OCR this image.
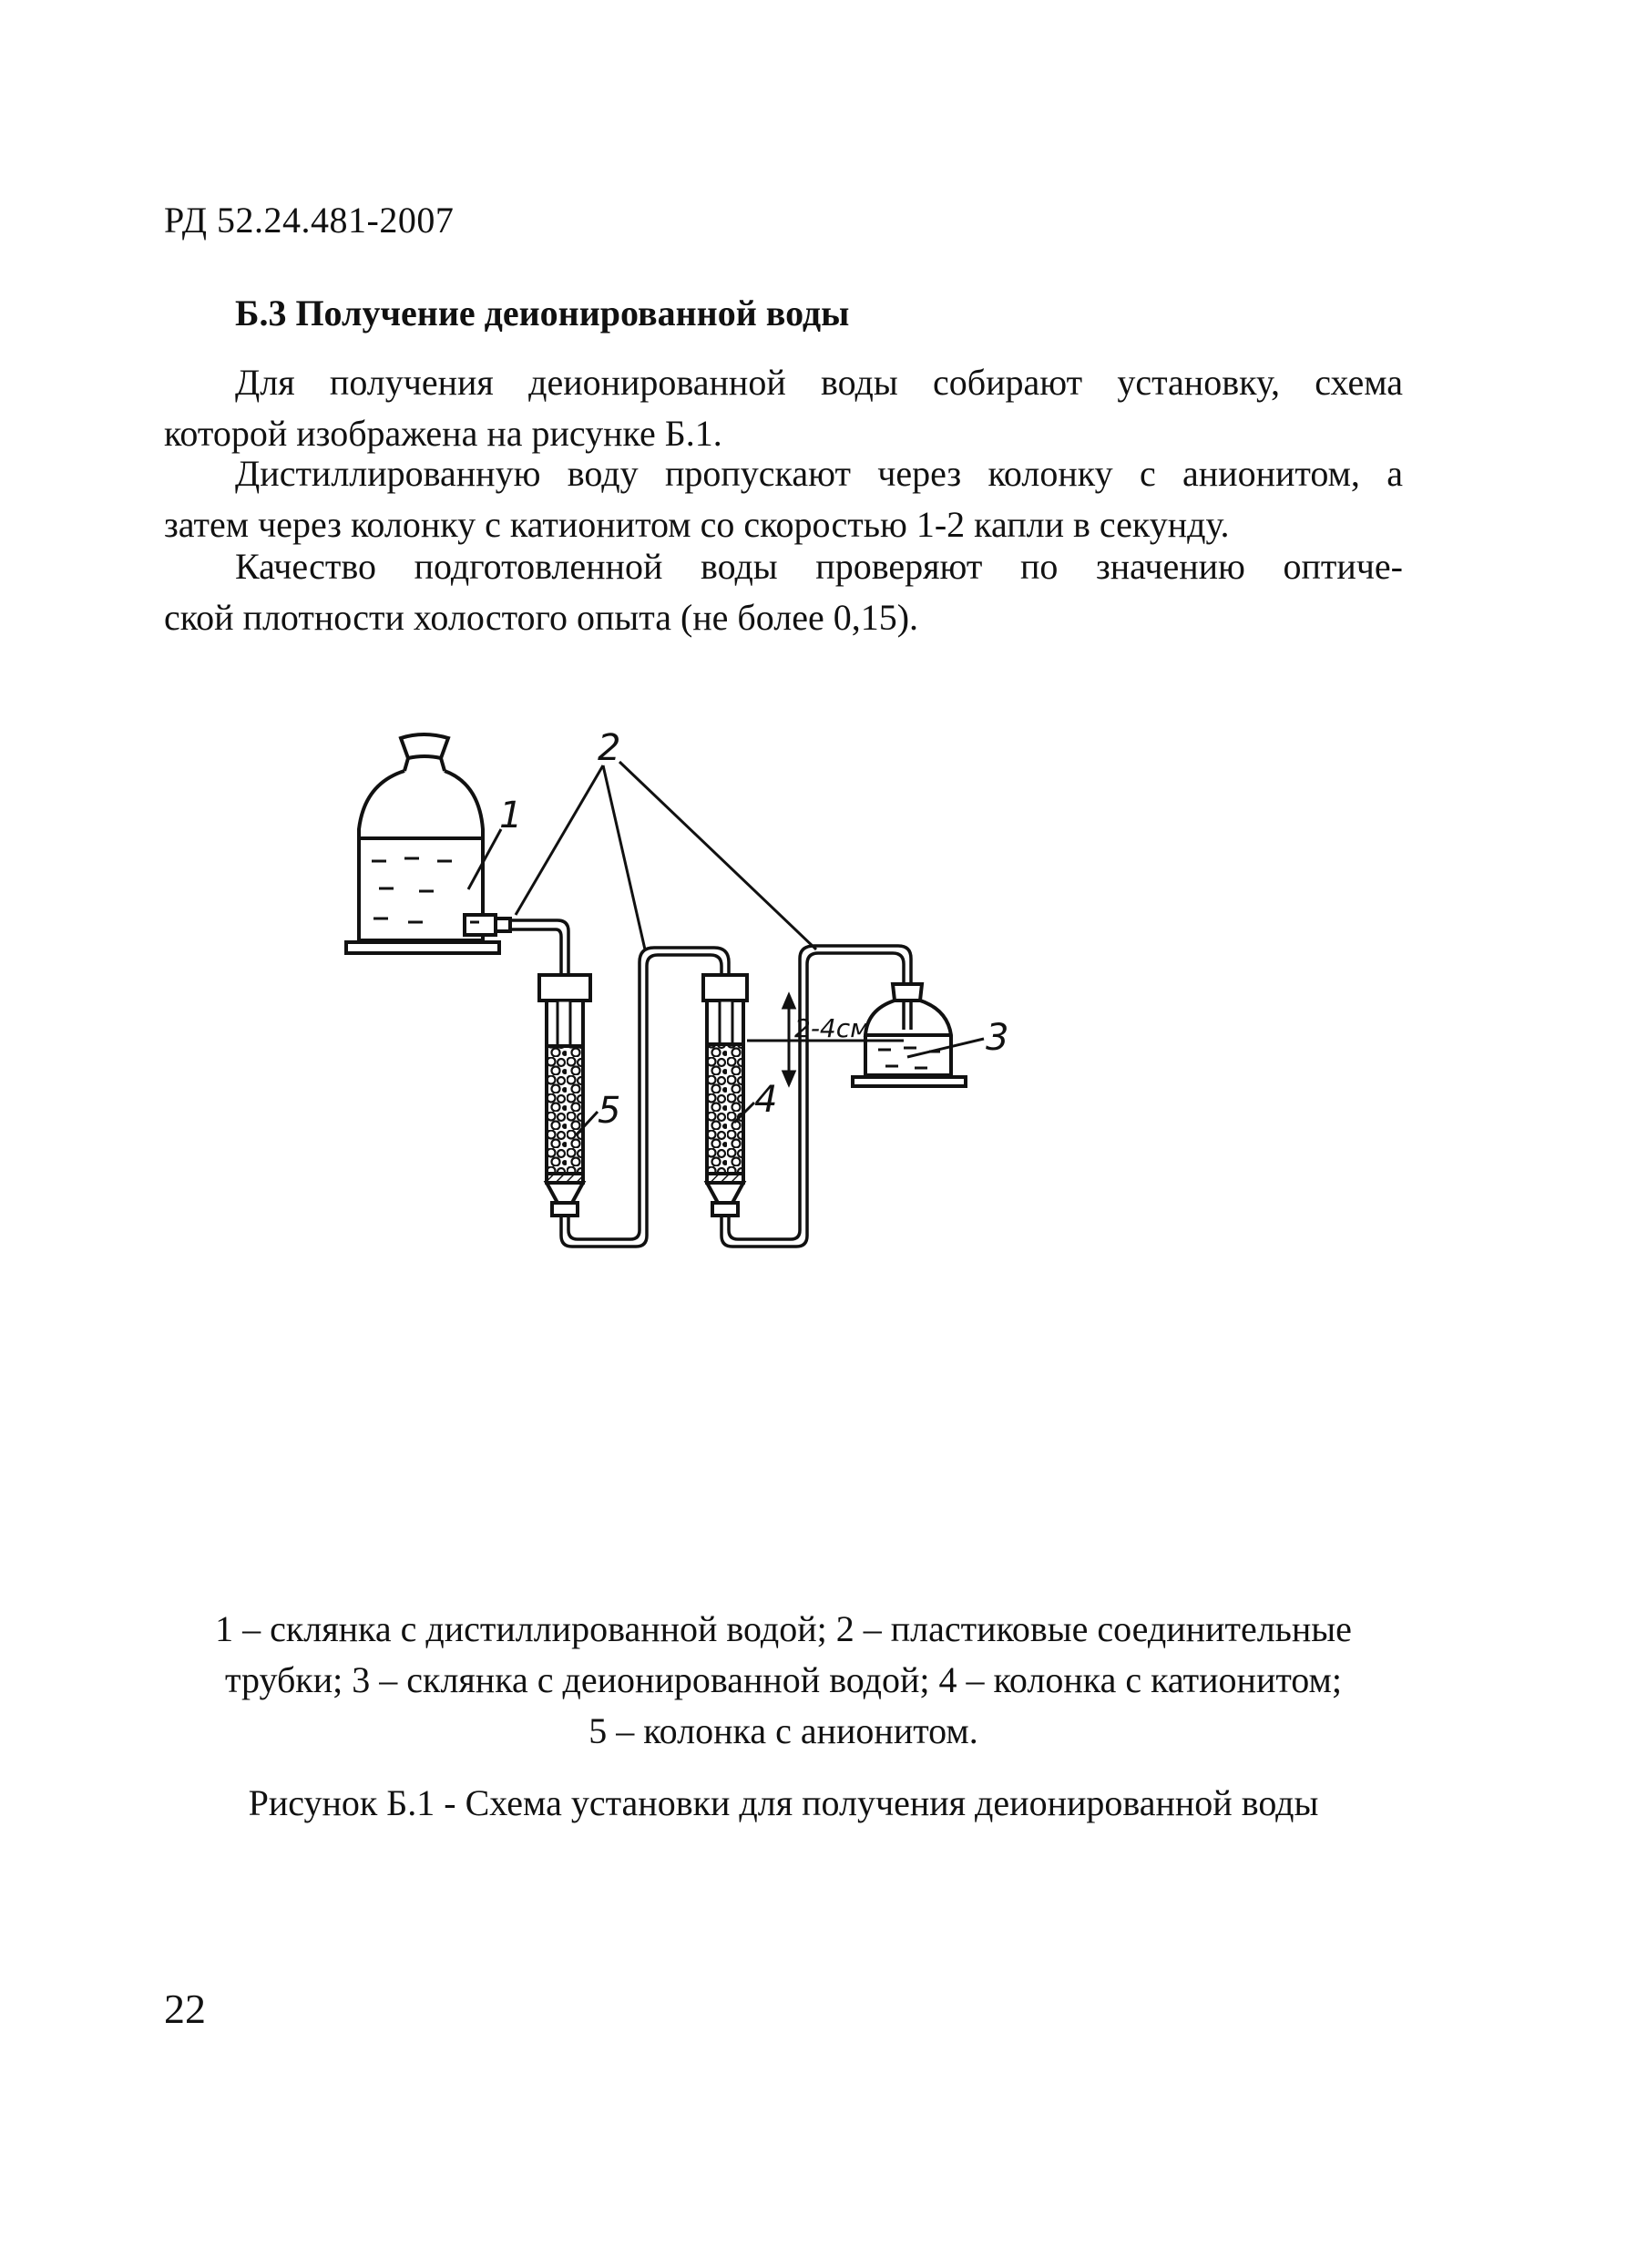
РД 52.24.481-2007
Б.3 Получение деионированной воды

Для получения деионированной воды собирают установку, схема
которой изображена на рисунке Б.1.

Дистиллированную воду пропускают через колонку с анионитом, а
затем через колонку с катионитом со скоростью 1-2 капли в секунду.

Качество подготовленной воды проверяют по значению оптиче-
ской плотности холостого опыта (не более 0,15).

2-4см
1
2
3
4
5
1 – склянка с дистиллированной водой; 2 – пластиковые соединительные
трубки; 3 – склянка с деионированной водой; 4 – колонка с катионитом;
5 – колонка с анионитом.
Рисунок Б.1 - Схема установки для получения деионированной воды
22
